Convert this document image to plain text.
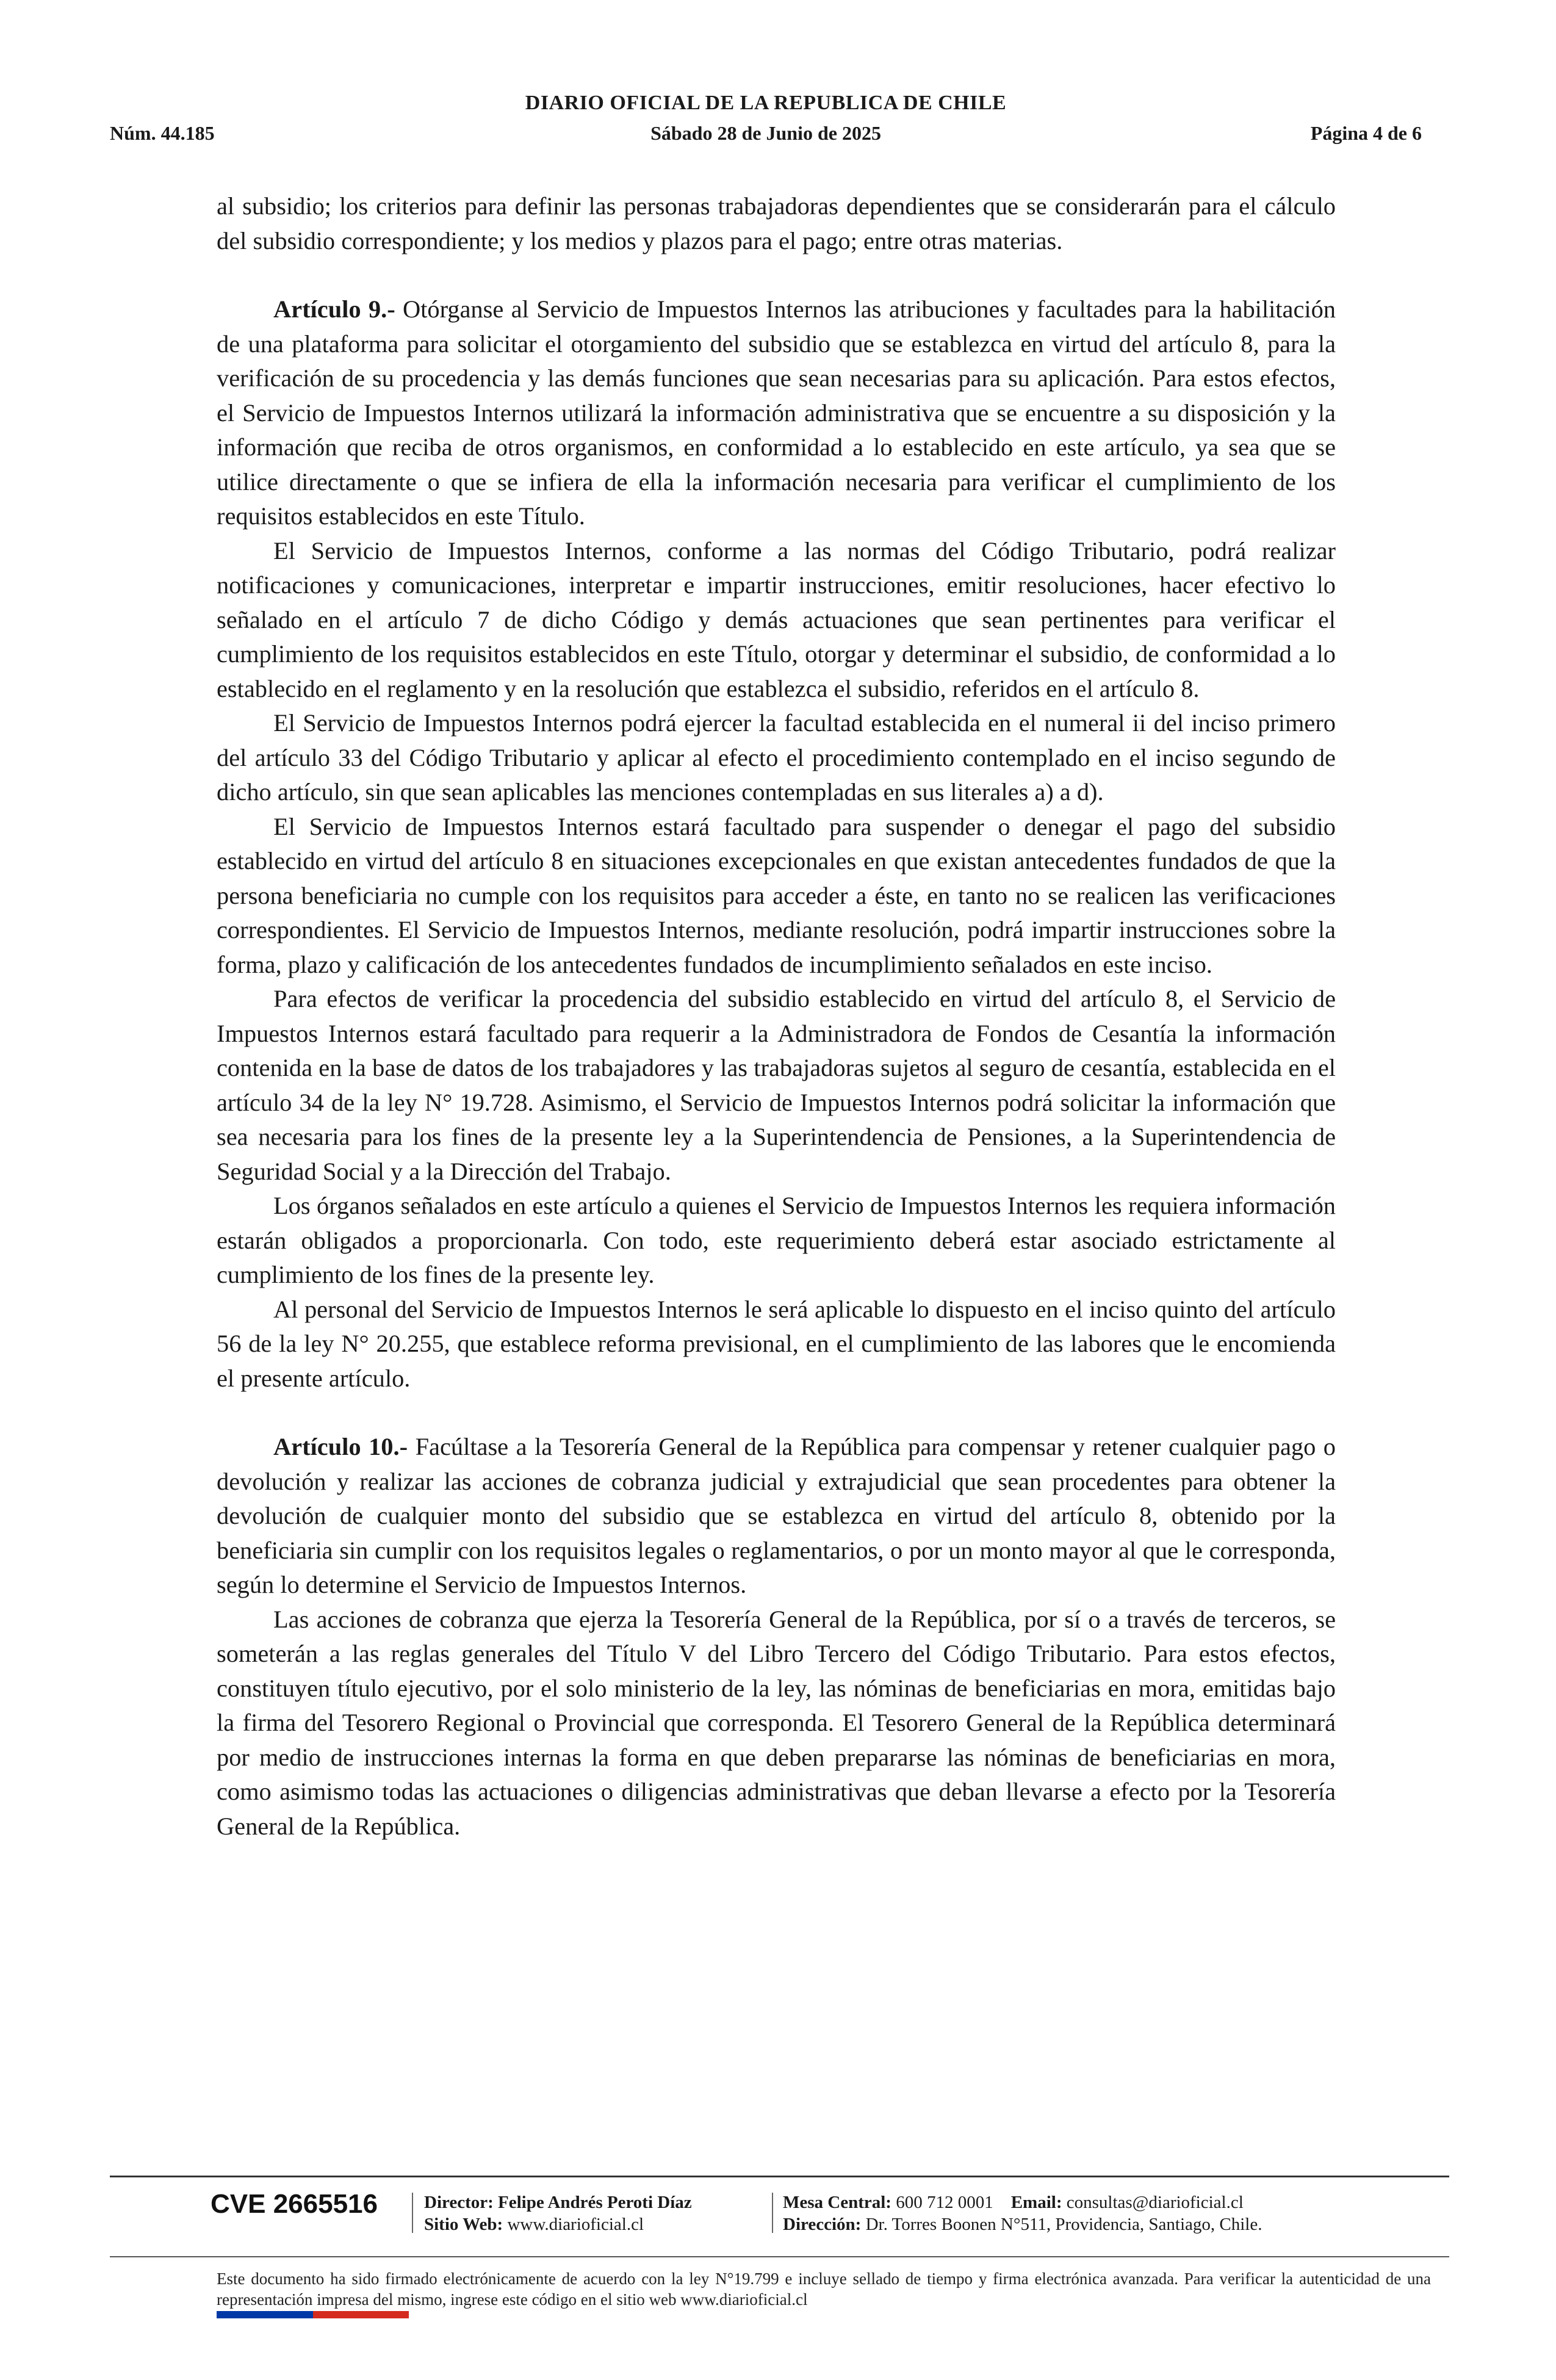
DIARIO OFICIAL DE LA REPUBLICA DE CHILE
Núm. 44.185	Sábado 28 de Junio de 2025	Página 4 de 6

al subsidio; los criterios para definir las personas trabajadoras dependientes que se considerarán para el cálculo del subsidio correspondiente; y los medios y plazos para el pago; entre otras materias.

Artículo 9.- Otórganse al Servicio de Impuestos Internos las atribuciones y facultades para la habilitación de una plataforma para solicitar el otorgamiento del subsidio que se establezca en virtud del artículo 8, para la verificación de su procedencia y las demás funciones que sean necesarias para su aplicación. Para estos efectos, el Servicio de Impuestos Internos utilizará la información administrativa que se encuentre a su disposición y la información que reciba de otros organismos, en conformidad a lo establecido en este artículo, ya sea que se utilice directamente o que se infiera de ella la información necesaria para verificar el cumplimiento de los requisitos establecidos en este Título.

El Servicio de Impuestos Internos, conforme a las normas del Código Tributario, podrá realizar notificaciones y comunicaciones, interpretar e impartir instrucciones, emitir resoluciones, hacer efectivo lo señalado en el artículo 7 de dicho Código y demás actuaciones que sean pertinentes para verificar el cumplimiento de los requisitos establecidos en este Título, otorgar y determinar el subsidio, de conformidad a lo establecido en el reglamento y en la resolución que establezca el subsidio, referidos en el artículo 8.

El Servicio de Impuestos Internos podrá ejercer la facultad establecida en el numeral ii del inciso primero del artículo 33 del Código Tributario y aplicar al efecto el procedimiento contemplado en el inciso segundo de dicho artículo, sin que sean aplicables las menciones contempladas en sus literales a) a d).

El Servicio de Impuestos Internos estará facultado para suspender o denegar el pago del subsidio establecido en virtud del artículo 8 en situaciones excepcionales en que existan antecedentes fundados de que la persona beneficiaria no cumple con los requisitos para acceder a éste, en tanto no se realicen las verificaciones correspondientes. El Servicio de Impuestos Internos, mediante resolución, podrá impartir instrucciones sobre la forma, plazo y calificación de los antecedentes fundados de incumplimiento señalados en este inciso.

Para efectos de verificar la procedencia del subsidio establecido en virtud del artículo 8, el Servicio de Impuestos Internos estará facultado para requerir a la Administradora de Fondos de Cesantía la información contenida en la base de datos de los trabajadores y las trabajadoras sujetos al seguro de cesantía, establecida en el artículo 34 de la ley N° 19.728. Asimismo, el Servicio de Impuestos Internos podrá solicitar la información que sea necesaria para los fines de la presente ley a la Superintendencia de Pensiones, a la Superintendencia de Seguridad Social y a la Dirección del Trabajo.

Los órganos señalados en este artículo a quienes el Servicio de Impuestos Internos les requiera información estarán obligados a proporcionarla. Con todo, este requerimiento deberá estar asociado estrictamente al cumplimiento de los fines de la presente ley.

Al personal del Servicio de Impuestos Internos le será aplicable lo dispuesto en el inciso quinto del artículo 56 de la ley N° 20.255, que establece reforma previsional, en el cumplimiento de las labores que le encomienda el presente artículo.

Artículo 10.- Facúltase a la Tesorería General de la República para compensar y retener cualquier pago o devolución y realizar las acciones de cobranza judicial y extrajudicial que sean procedentes para obtener la devolución de cualquier monto del subsidio que se establezca en virtud del artículo 8, obtenido por la beneficiaria sin cumplir con los requisitos legales o reglamentarios, o por un monto mayor al que le corresponda, según lo determine el Servicio de Impuestos Internos.

Las acciones de cobranza que ejerza la Tesorería General de la República, por sí o a través de terceros, se someterán a las reglas generales del Título V del Libro Tercero del Código Tributario. Para estos efectos, constituyen título ejecutivo, por el solo ministerio de la ley, las nóminas de beneficiarias en mora, emitidas bajo la firma del Tesorero Regional o Provincial que corresponda. El Tesorero General de la República determinará por medio de instrucciones internas la forma en que deben prepararse las nóminas de beneficiarias en mora, como asimismo todas las actuaciones o diligencias administrativas que deban llevarse a efecto por la Tesorería General de la República.

CVE 2665516	Director: Felipe Andrés Peroti Díaz
Sitio Web: www.diarioficial.cl
Mesa Central: 600 712 0001 Email: consultas@diarioficial.cl
Dirección: Dr. Torres Boonen N°511, Providencia, Santiago, Chile.
Este documento ha sido firmado electrónicamente de acuerdo con la ley N°19.799 e incluye sellado de tiempo y firma electrónica avanzada. Para verificar la autenticidad de una representación impresa del mismo, ingrese este código en el sitio web www.diarioficial.cl
